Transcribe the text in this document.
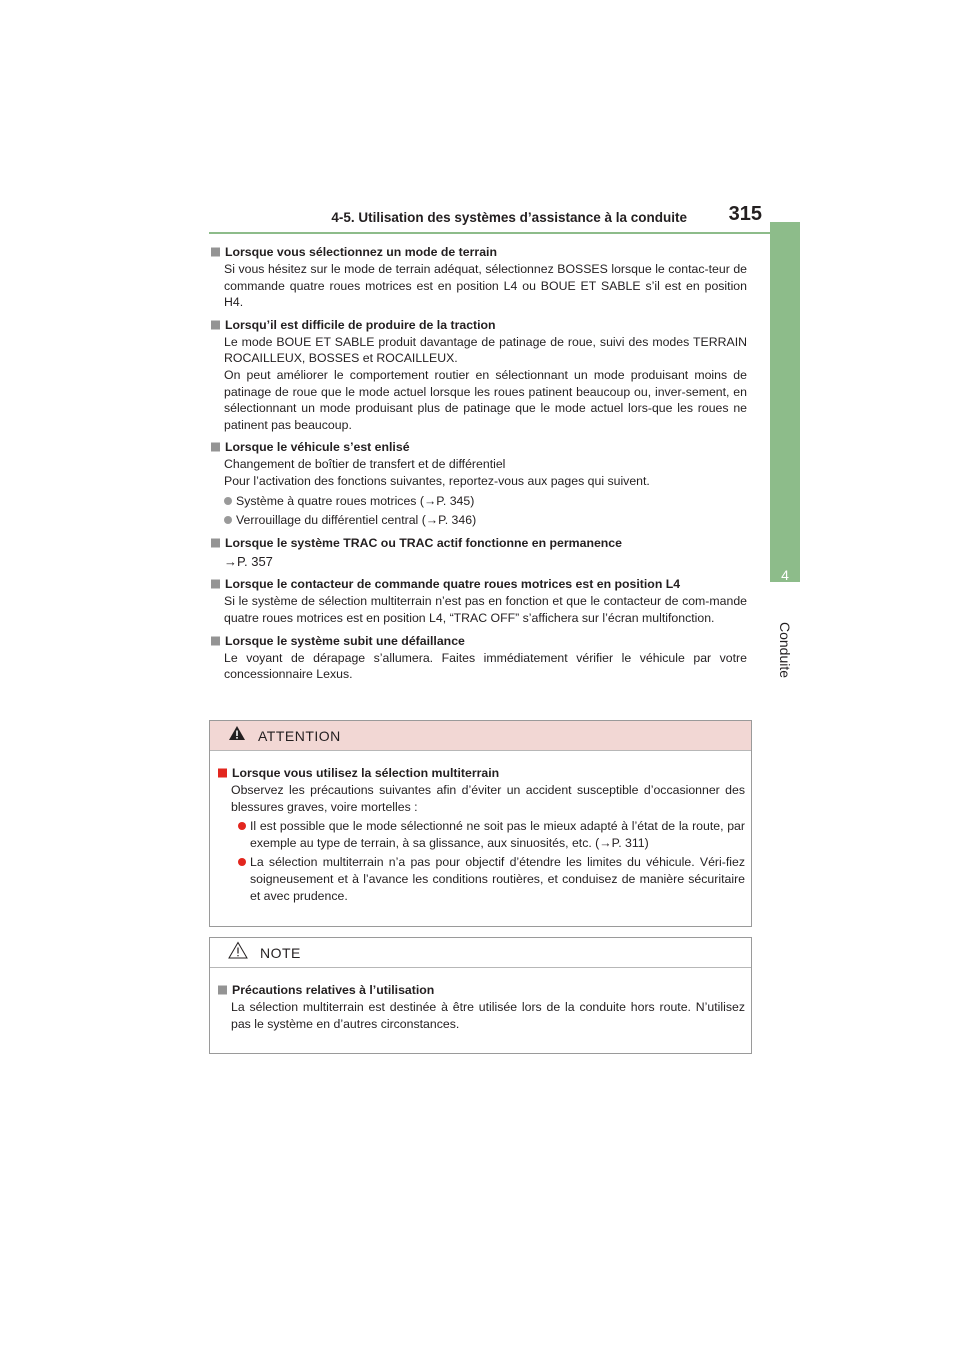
4-5. Utilisation des systèmes d’assistance à la conduite	315
4
Conduite
Lorsque vous sélectionnez un mode de terrain
Si vous hésitez sur le mode de terrain adéquat, sélectionnez BOSSES lorsque le contac-teur de commande quatre roues motrices est en position L4 ou BOUE ET SABLE s’il est en position H4.
Lorsqu’il est difficile de produire de la traction
Le mode BOUE ET SABLE produit davantage de patinage de roue, suivi des modes TERRAIN ROCAILLEUX, BOSSES et ROCAILLEUX.
On peut améliorer le comportement routier en sélectionnant un mode produisant moins de patinage de roue que le mode actuel lorsque les roues patinent beaucoup ou, inver-sement, en sélectionnant un mode produisant plus de patinage que le mode actuel lors-que les roues ne patinent pas beaucoup.
Lorsque le véhicule s’est enlisé
Changement de boîtier de transfert et de différentiel
Pour l’activation des fonctions suivantes, reportez-vous aux pages qui suivent.
Système à quatre roues motrices (→P. 345)
Verrouillage du différentiel central (→P. 346)
Lorsque le système TRAC ou TRAC actif fonctionne en permanence
→P. 357
Lorsque le contacteur de commande quatre roues motrices est en position L4
Si le système de sélection multiterrain n’est pas en fonction et que le contacteur de com-mande quatre roues motrices est en position L4, “TRAC OFF” s’affichera sur l’écran multifonction.
Lorsque le système subit une défaillance
Le voyant de dérapage s’allumera. Faites immédiatement vérifier le véhicule par votre concessionnaire Lexus.
ATTENTION
Lorsque vous utilisez la sélection multiterrain
Observez les précautions suivantes afin d’éviter un accident susceptible d’occasionner des blessures graves, voire mortelles :
Il est possible que le mode sélectionné ne soit pas le mieux adapté à l’état de la route, par exemple au type de terrain, à sa glissance, aux sinuosités, etc. (→P. 311)
La sélection multiterrain n’a pas pour objectif d’étendre les limites du véhicule. Véri-fiez soigneusement et à l’avance les conditions routières, et conduisez de manière sécuritaire et avec prudence.
NOTE
Précautions relatives à l’utilisation
La sélection multiterrain est destinée à être utilisée lors de la conduite hors route. N’utilisez pas le système en d’autres circonstances.
